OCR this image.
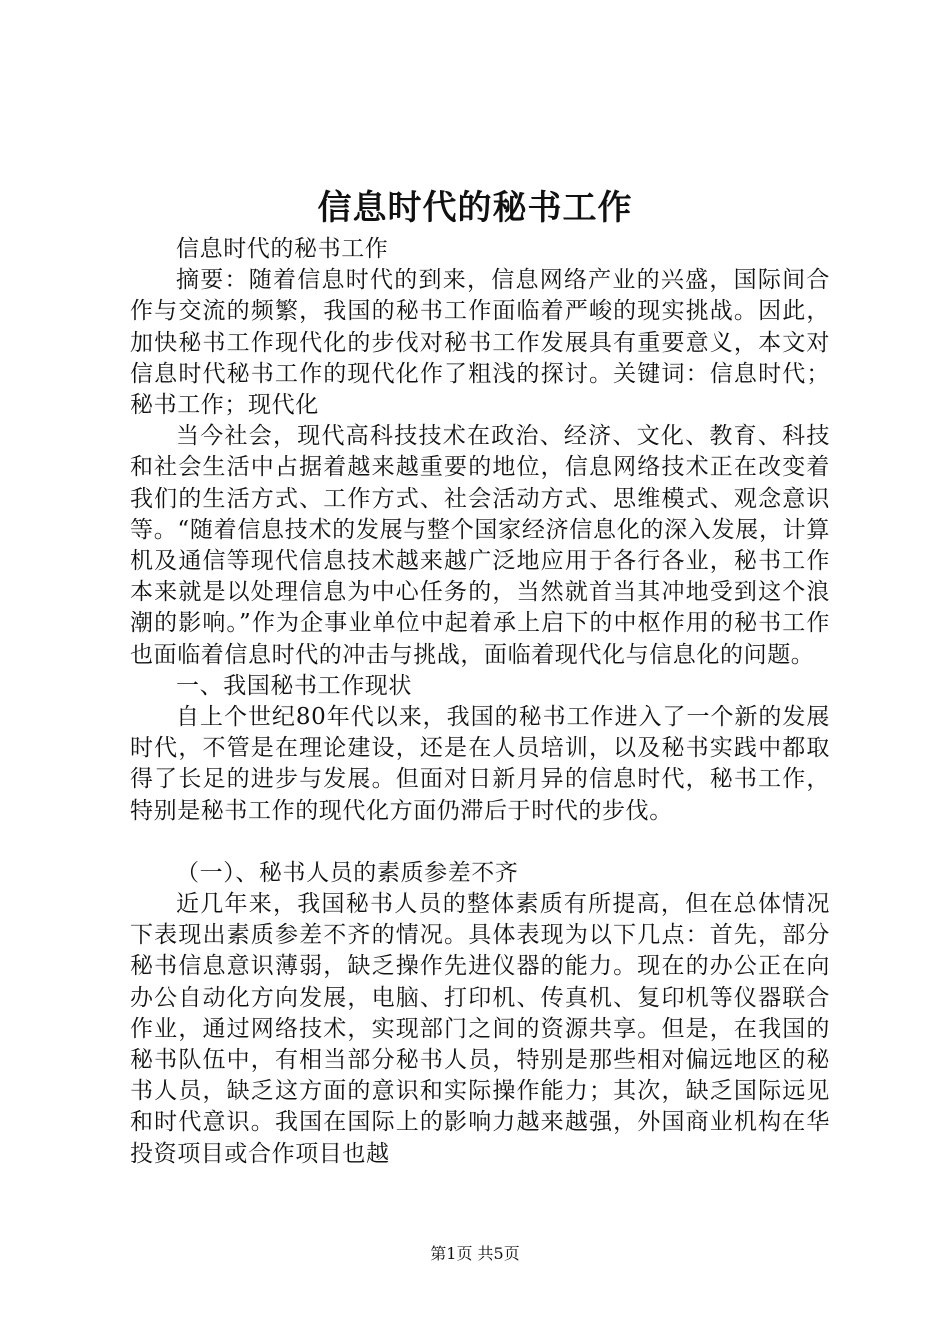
信息时代的秘书工作

信息时代的秘书工作

摘要：随着信息时代的到来，信息网络产业的兴盛，国际间合作与交流的频繁，我国的秘书工作面临着严峻的现实挑战。因此，加快秘书工作现代化的步伐对秘书工作发展具有重要意义，本文对信息时代秘书工作的现代化作了粗浅的探讨。关键词：信息时代；秘书工作；现代化

当今社会，现代高科技技术在政治、经济、文化、教育、科技和社会生活中占据着越来越重要的地位，信息网络技术正在改变着我们的生活方式、工作方式、社会活动方式、思维模式、观念意识等。“随着信息技术的发展与整个国家经济信息化的深入发展，计算机及通信等现代信息技术越来越广泛地应用于各行各业，秘书工作本来就是以处理信息为中心任务的，当然就首当其冲地受到这个浪潮的影响。”作为企事业单位中起着承上启下的中枢作用的秘书工作也面临着信息时代的冲击与挑战，面临着现代化与信息化的问题。

一、我国秘书工作现状

自上个世纪80年代以来，我国的秘书工作进入了一个新的发展时代，不管是在理论建设，还是在人员培训，以及秘书实践中都取得了长足的进步与发展。但面对日新月异的信息时代，秘书工作，特别是秘书工作的现代化方面仍滞后于时代的步伐。

（一）、秘书人员的素质参差不齐

近几年来，我国秘书人员的整体素质有所提高，但在总体情况下表现出素质参差不齐的情况。具体表现为以下几点：首先，部分秘书信息意识薄弱，缺乏操作先进仪器的能力。现在的办公正在向办公自动化方向发展，电脑、打印机、传真机、复印机等仪器联合作业，通过网络技术，实现部门之间的资源共享。但是，在我国的秘书队伍中，有相当部分秘书人员，特别是那些相对偏远地区的秘书人员，缺乏这方面的意识和实际操作能力；其次，缺乏国际远见和时代意识。我国在国际上的影响力越来越强，外国商业机构在华投资项目或合作项目也越

第1页 共5页
